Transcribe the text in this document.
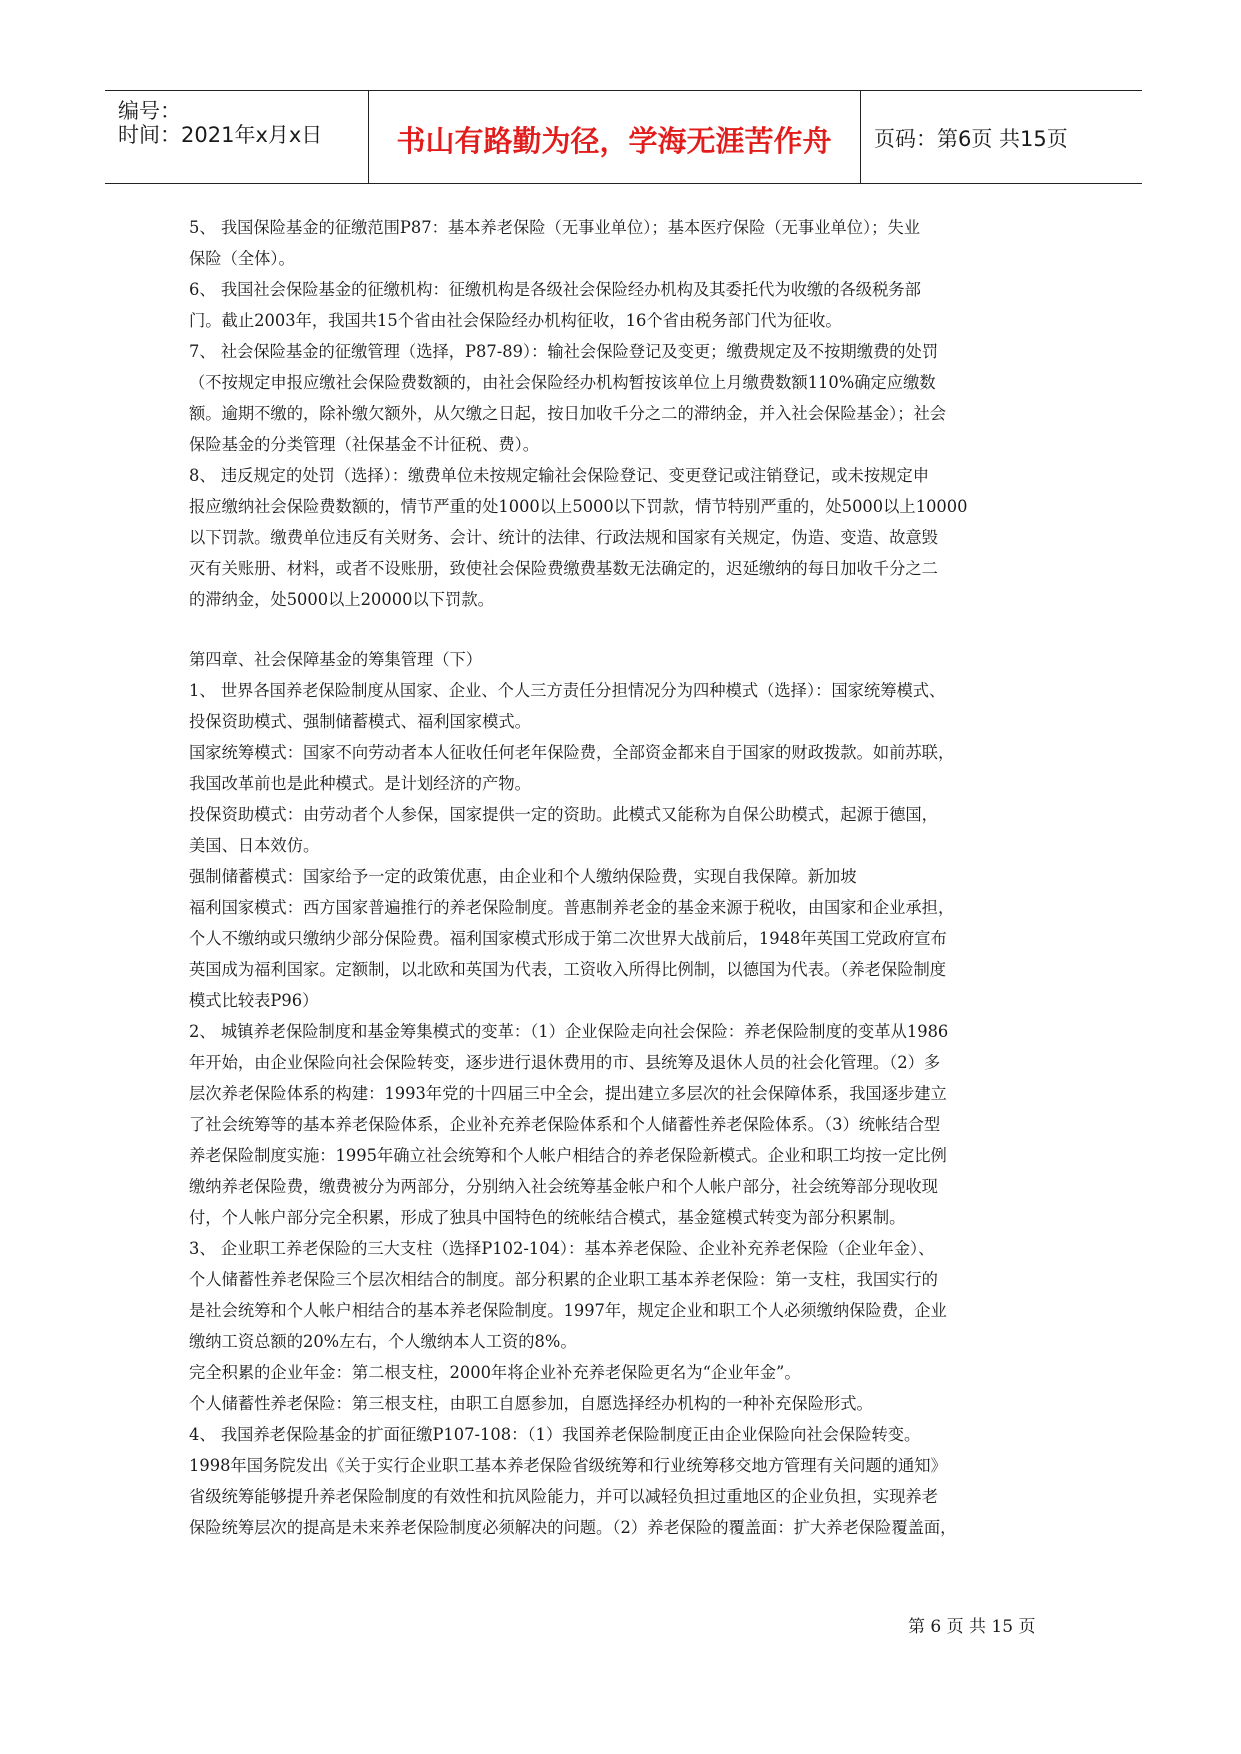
编号：
时间：2021年x月x日	书山有路勤为径，学海无涯苦作舟	页码：第6页 共15页
5、 我国保险基金的征缴范围P87：基本养老保险（无事业单位）；基本医疗保险（无事业单位）；失业
保险（全体）。
6、 我国社会保险基金的征缴机构：征缴机构是各级社会保险经办机构及其委托代为收缴的各级税务部
门。截止2003年，我国共15个省由社会保险经办机构征收，16个省由税务部门代为征收。
7、 社会保险基金的征缴管理（选择，P87-89）：输社会保险登记及变更；缴费规定及不按期缴费的处罚
（不按规定申报应缴社会保险费数额的，由社会保险经办机构暂按该单位上月缴费数额110%确定应缴数
额。逾期不缴的，除补缴欠额外，从欠缴之日起，按日加收千分之二的滞纳金，并入社会保险基金）；社会
保险基金的分类管理（社保基金不计征税、费）。
8、 违反规定的处罚（选择）：缴费单位未按规定输社会保险登记、变更登记或注销登记，或未按规定申
报应缴纳社会保险费数额的，情节严重的处1000以上5000以下罚款，情节特别严重的，处5000以上10000
以下罚款。缴费单位违反有关财务、会计、统计的法律、行政法规和国家有关规定，伪造、变造、故意毁
灭有关账册、材料，或者不设账册，致使社会保险费缴费基数无法确定的，迟延缴纳的每日加收千分之二
的滞纳金，处5000以上20000以下罚款。
第四章、社会保障基金的筹集管理（下）
1、 世界各国养老保险制度从国家、企业、个人三方责任分担情况分为四种模式（选择）：国家统筹模式、
投保资助模式、强制储蓄模式、福利国家模式。
国家统筹模式：国家不向劳动者本人征收任何老年保险费，全部资金都来自于国家的财政拨款。如前苏联，
我国改革前也是此种模式。是计划经济的产物。
投保资助模式：由劳动者个人参保，国家提供一定的资助。此模式又能称为自保公助模式，起源于德国，
美国、日本效仿。
强制储蓄模式：国家给予一定的政策优惠，由企业和个人缴纳保险费，实现自我保障。新加坡
福利国家模式：西方国家普遍推行的养老保险制度。普惠制养老金的基金来源于税收，由国家和企业承担，
个人不缴纳或只缴纳少部分保险费。福利国家模式形成于第二次世界大战前后，1948年英国工党政府宣布
英国成为福利国家。定额制，以北欧和英国为代表，工资收入所得比例制，以德国为代表。（养老保险制度
模式比较表P96）
2、 城镇养老保险制度和基金筹集模式的变革：（1）企业保险走向社会保险：养老保险制度的变革从1986
年开始，由企业保险向社会保险转变，逐步进行退休费用的市、县统筹及退休人员的社会化管理。（2）多
层次养老保险体系的构建：1993年党的十四届三中全会，提出建立多层次的社会保障体系，我国逐步建立
了社会统筹等的基本养老保险体系，企业补充养老保险体系和个人储蓄性养老保险体系。（3）统帐结合型
养老保险制度实施：1995年确立社会统筹和个人帐户相结合的养老保险新模式。企业和职工均按一定比例
缴纳养老保险费，缴费被分为两部分，分别纳入社会统筹基金帐户和个人帐户部分，社会统筹部分现收现
付，个人帐户部分完全积累，形成了独具中国特色的统帐结合模式，基金筵模式转变为部分积累制。
3、 企业职工养老保险的三大支柱（选择P102-104）：基本养老保险、企业补充养老保险（企业年金）、
个人储蓄性养老保险三个层次相结合的制度。部分积累的企业职工基本养老保险：第一支柱，我国实行的
是社会统筹和个人帐户相结合的基本养老保险制度。1997年，规定企业和职工个人必须缴纳保险费，企业
缴纳工资总额的20%左右，个人缴纳本人工资的8%。
完全积累的企业年金：第二根支柱，2000年将企业补充养老保险更名为“企业年金”。
个人储蓄性养老保险：第三根支柱，由职工自愿参加，自愿选择经办机构的一种补充保险形式。
4、 我国养老保险基金的扩面征缴P107-108：（1）我国养老保险制度正由企业保险向社会保险转变。
1998年国务院发出《关于实行企业职工基本养老保险省级统筹和行业统筹移交地方管理有关问题的通知》
省级统筹能够提升养老保险制度的有效性和抗风险能力，并可以减轻负担过重地区的企业负担，实现养老
保险统筹层次的提高是未来养老保险制度必须解决的问题。（2）养老保险的覆盖面：扩大养老保险覆盖面，
第 6 页 共 15 页
